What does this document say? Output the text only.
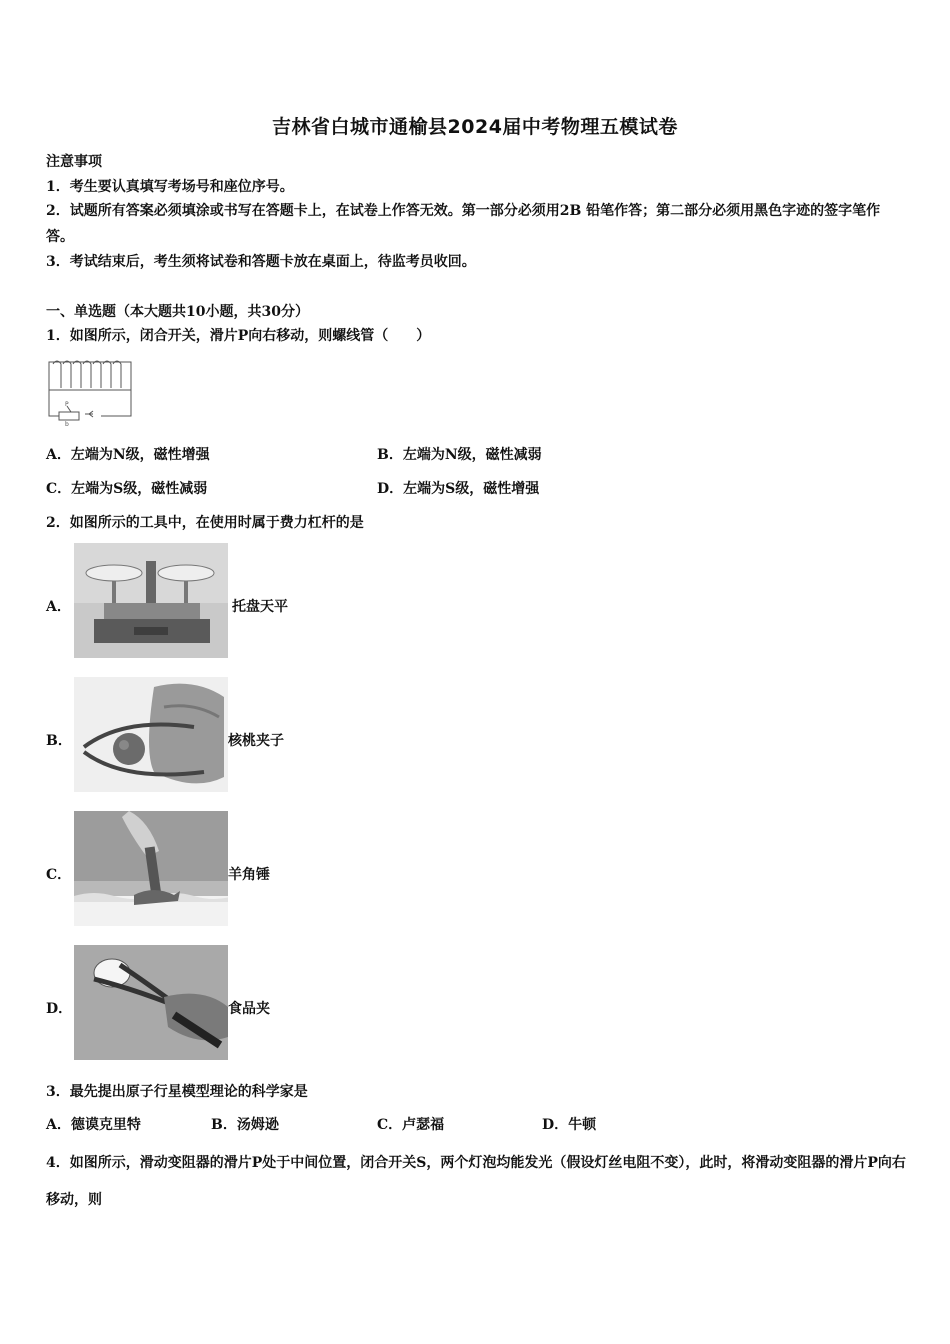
吉林省白城市通榆县2024届中考物理五模试卷
注意事项
1．考生要认真填写考场号和座位序号。
2．试题所有答案必须填涂或书写在答题卡上，在试卷上作答无效。第一部分必须用2B 铅笔作答；第二部分必须用黑色字迹的签字笔作答。
3．考试结束后，考生须将试卷和答题卡放在桌面上，待监考员收回。
一、单选题（本大题共10小题，共30分）
1．如图所示，闭合开关，滑片P向右移动，则螺线管（　　）
P
b
A．左端为N级，磁性增强	B．左端为N级，磁性减弱
C．左端为S级，磁性减弱	D．左端为S级，磁性增强
2．如图所示的工具中，在使用时属于费力杠杆的是
A．	托盘天平
B．	核桃夹子
C．	羊角锤
D．	食品夹
3．最先提出原子行星模型理论的科学家是
A．德谟克里特	B．汤姆逊	C．卢瑟福	D．牛顿
4．如图所示，滑动变阻器的滑片P处于中间位置，闭合开关S，两个灯泡均能发光（假设灯丝电阻不变），此时，将滑动变阻器的滑片P向右移动，则
